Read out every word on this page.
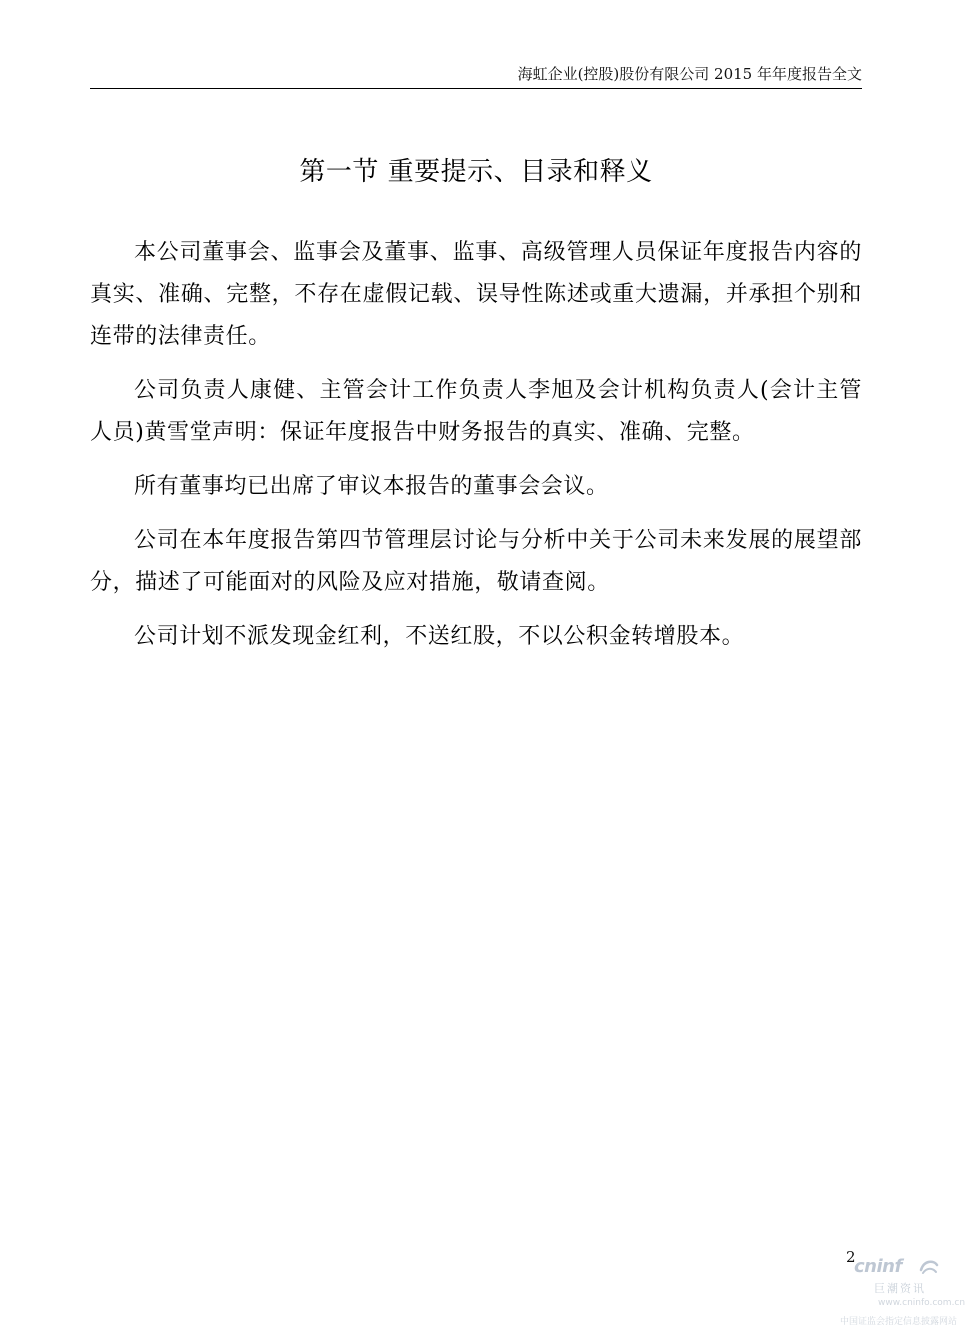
海虹企业(控股)股份有限公司 2015 年年度报告全文
第一节 重要提示、目录和释义

本公司董事会、监事会及董事、监事、高级管理人员保证年度报告内容的真实、准确、完整，不存在虚假记载、误导性陈述或重大遗漏，并承担个别和连带的法律责任。

公司负责人康健、主管会计工作负责人李旭及会计机构负责人(会计主管人员)黄雪堂声明：保证年度报告中财务报告的真实、准确、完整。

所有董事均已出席了审议本报告的董事会会议。

公司在本年度报告第四节管理层讨论与分析中关于公司未来发展的展望部分，描述了可能面对的风险及应对措施，敬请查阅。

公司计划不派发现金红利，不送红股，不以公积金转增股本。

2
cninf
巨潮资讯
www.cninfo.com.cn
中国证监会指定信息披露网站
